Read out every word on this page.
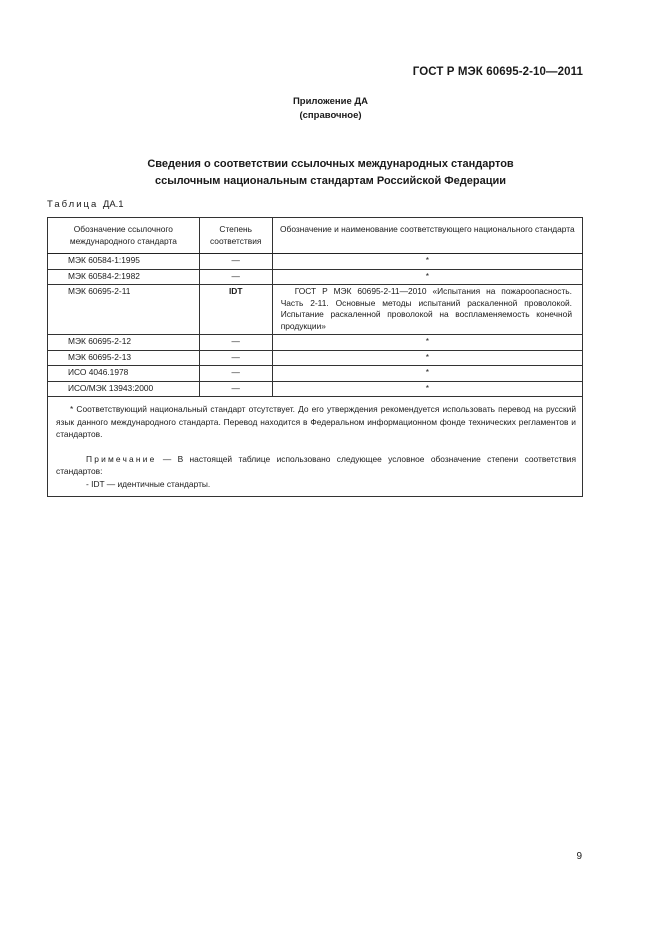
ГОСТ Р МЭК 60695-2-10—2011
Приложение ДА
(справочное)
Сведения о соответствии ссылочных международных стандартов
ссылочным национальным стандартам Российской Федерации
Таблица ДА.1
Обозначение ссылочного международного стандарта	Степень соответствия	Обозначение и наименование соответствующего национального стандарта
МЭК 60584-1:1995	—	*
МЭК 60584-2:1982	—	*
МЭК 60695-2-11	IDT	ГОСТ Р МЭК 60695-2-11—2010 «Испытания на пожароопасность. Часть 2-11. Основные методы испытаний раскаленной проволокой. Испытание раскаленной проволокой на воспламеняемость конечной продукции»
МЭК 60695-2-12	—	*
МЭК 60695-2-13	—	*
ИСО 4046.1978	—	*
ИСО/МЭК 13943:2000	—	*

* Соответствующий национальный стандарт отсутствует. До его утверждения рекомендуется использовать перевод на русский язык данного международного стандарта. Перевод находится в Федеральном информационном фонде технических регламентов и стандартов.

Примечание — В настоящей таблице использовано следующее условное обозначение степени соответствия стандартов:

- IDT — идентичные стандарты.		

9
